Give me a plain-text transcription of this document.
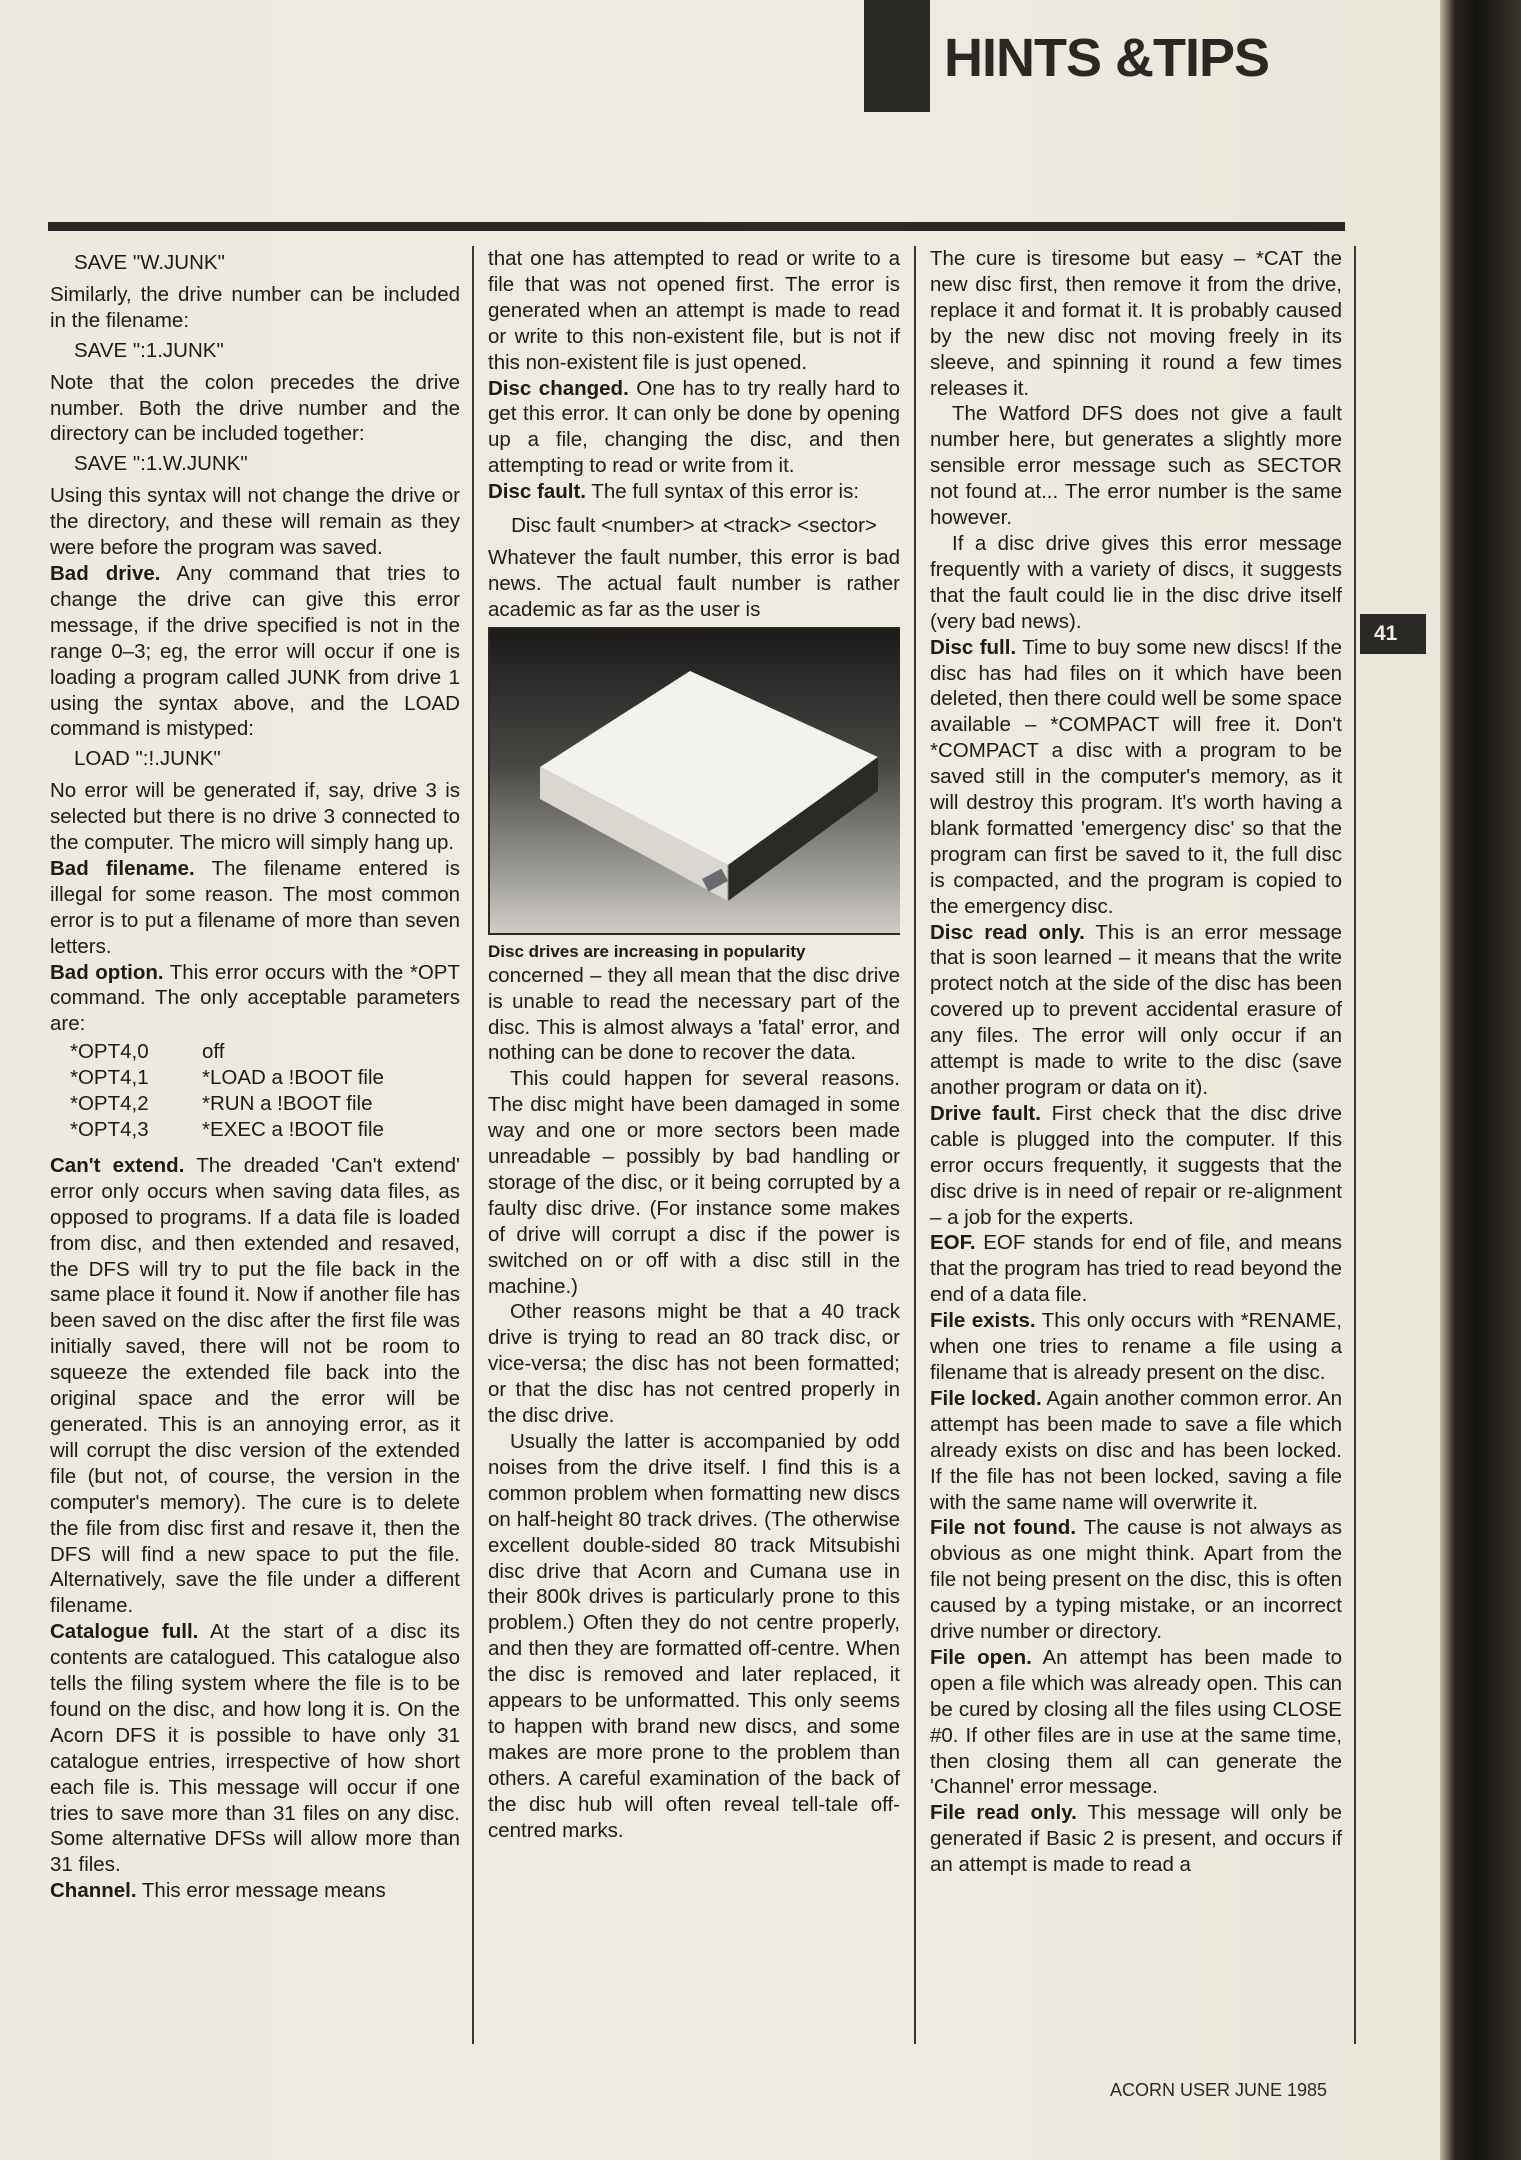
HINTS &TIPS

SAVE "W.JUNK"

Similarly, the drive number can be included in the filename:

SAVE ":1.JUNK"

Note that the colon precedes the drive number. Both the drive number and the directory can be included together:

SAVE ":1.W.JUNK"

Using this syntax will not change the drive or the directory, and these will remain as they were before the program was saved.

Bad drive. Any command that tries to change the drive can give this error message, if the drive specified is not in the range 0–3; eg, the error will occur if one is loading a program called JUNK from drive 1 using the syntax above, and the LOAD command is mistyped:

LOAD ":!.JUNK"

No error will be generated if, say, drive 3 is selected but there is no drive 3 connected to the computer. The micro will simply hang up.

Bad filename. The filename entered is illegal for some reason. The most common error is to put a filename of more than seven letters.

Bad option. This error occurs with the *OPT command. The only acceptable parameters are:

*OPT4,0	off
*OPT4,1	*LOAD a !BOOT file
*OPT4,2	*RUN a !BOOT file
*OPT4,3	*EXEC a !BOOT file

Can't extend. The dreaded 'Can't extend' error only occurs when saving data files, as opposed to programs. If a data file is loaded from disc, and then extended and resaved, the DFS will try to put the file back in the same place it found it. Now if another file has been saved on the disc after the first file was initially saved, there will not be room to squeeze the extended file back into the original space and the error will be generated. This is an annoying error, as it will corrupt the disc version of the extended file (but not, of course, the version in the computer's memory). The cure is to delete the file from disc first and resave it, then the DFS will find a new space to put the file. Alternatively, save the file under a different filename.

Catalogue full. At the start of a disc its contents are catalogued. This catalogue also tells the filing system where the file is to be found on the disc, and how long it is. On the Acorn DFS it is possible to have only 31 catalogue entries, irrespective of how short each file is. This message will occur if one tries to save more than 31 files on any disc. Some alternative DFSs will allow more than 31 files.

Channel. This error message means

that one has attempted to read or write to a file that was not opened first. The error is generated when an attempt is made to read or write to this non-existent file, but is not if this non-existent file is just opened.

Disc changed. One has to try really hard to get this error. It can only be done by opening up a file, changing the disc, and then attempting to read or write from it.

Disc fault. The full syntax of this error is:

Disc fault <number> at <track> <sector>

Whatever the fault number, this error is bad news. The actual fault number is rather academic as far as the user is

Disc drives are increasing in popularity

concerned – they all mean that the disc drive is unable to read the necessary part of the disc. This is almost always a 'fatal' error, and nothing can be done to recover the data.

This could happen for several reasons. The disc might have been damaged in some way and one or more sectors been made unreadable – possibly by bad handling or storage of the disc, or it being corrupted by a faulty disc drive. (For instance some makes of drive will corrupt a disc if the power is switched on or off with a disc still in the machine.)

Other reasons might be that a 40 track drive is trying to read an 80 track disc, or vice-versa; the disc has not been formatted; or that the disc has not centred properly in the disc drive.

Usually the latter is accompanied by odd noises from the drive itself. I find this is a common problem when formatting new discs on half-height 80 track drives. (The otherwise excellent double-sided 80 track Mitsubishi disc drive that Acorn and Cumana use in their 800k drives is particularly prone to this problem.) Often they do not centre properly, and then they are formatted off-centre. When the disc is removed and later replaced, it appears to be unformatted. This only seems to happen with brand new discs, and some makes are more prone to the problem than others. A careful examination of the back of the disc hub will often reveal tell-tale off-centred marks.

The cure is tiresome but easy – *CAT the new disc first, then remove it from the drive, replace it and format it. It is probably caused by the new disc not moving freely in its sleeve, and spinning it round a few times releases it.

The Watford DFS does not give a fault number here, but generates a slightly more sensible error message such as SECTOR not found at... The error number is the same however.

If a disc drive gives this error message frequently with a variety of discs, it suggests that the fault could lie in the disc drive itself (very bad news).

Disc full. Time to buy some new discs! If the disc has had files on it which have been deleted, then there could well be some space available – *COMPACT will free it. Don't *COMPACT a disc with a program to be saved still in the computer's memory, as it will destroy this program. It's worth having a blank formatted 'emergency disc' so that the program can first be saved to it, the full disc is compacted, and the program is copied to the emergency disc.

Disc read only. This is an error message that is soon learned – it means that the write protect notch at the side of the disc has been covered up to prevent accidental erasure of any files. The error will only occur if an attempt is made to write to the disc (save another program or data on it).

Drive fault. First check that the disc drive cable is plugged into the computer. If this error occurs frequently, it suggests that the disc drive is in need of repair or re-alignment – a job for the experts.

EOF. EOF stands for end of file, and means that the program has tried to read beyond the end of a data file.

File exists. This only occurs with *RENAME, when one tries to rename a file using a filename that is already present on the disc.

File locked. Again another common error. An attempt has been made to save a file which already exists on disc and has been locked. If the file has not been locked, saving a file with the same name will overwrite it.

File not found. The cause is not always as obvious as one might think. Apart from the file not being present on the disc, this is often caused by a typing mistake, or an incorrect drive number or directory.

File open. An attempt has been made to open a file which was already open. This can be cured by closing all the files using CLOSE #0. If other files are in use at the same time, then closing them all can generate the 'Channel' error message.

File read only. This message will only be generated if Basic 2 is present, and occurs if an attempt is made to read a

41
ACORN USER JUNE 1985
